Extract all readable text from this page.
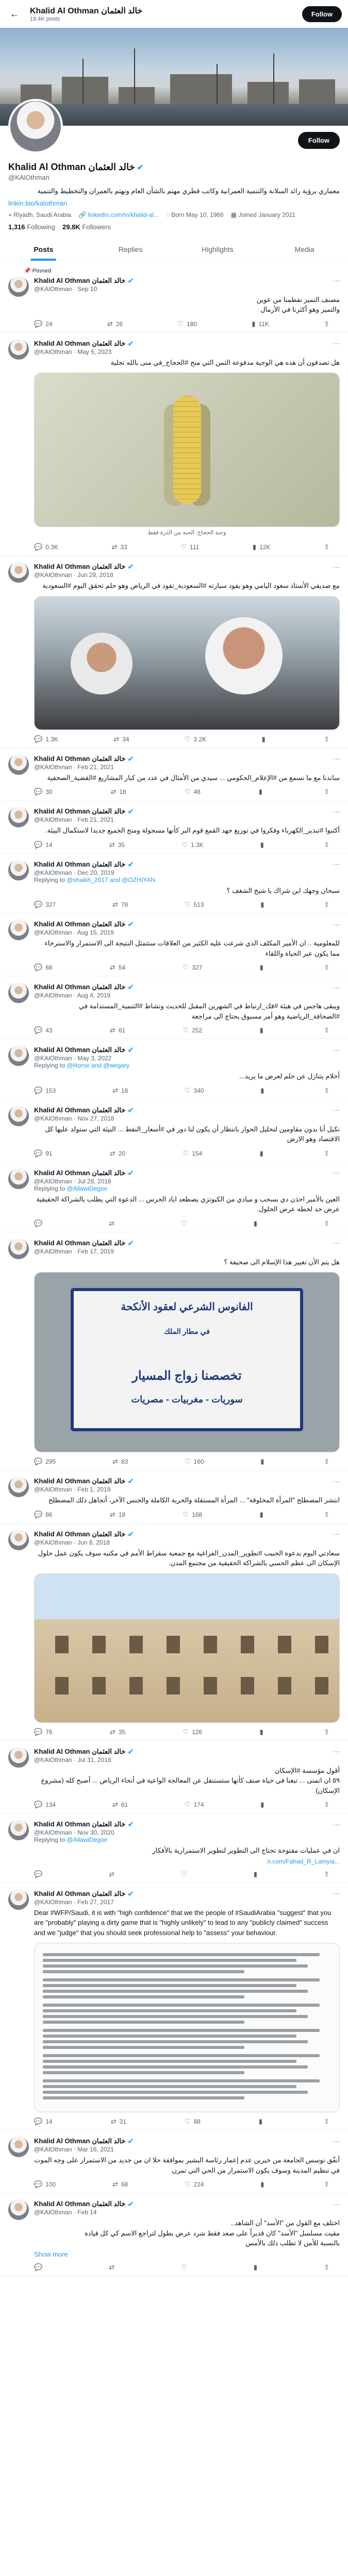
←	Khalid Al Othman خالد العثمان
19.4K posts
Follow
Follow
Khalid Al Othman خالد العثمان ✔
@KAlOthman
معماري برؤية رائد السلانة والتنمية العمرانية وكاتب قطري مهتم بالشأن العام ونهتم بالعمران والتخطيط والتنمية
linkin.bio/kalothman
⌖ Riyadh, Saudi Arabia 🔗 linkedin.com/in/khalid-al... ◌ Born May 10, 1966 ▦ Joined January 2011
1,316 Following 29.8K Followers
Posts	Replies	Highlights	Media
📌 Pinned
Khalid Al Othman خالد العثمان ✔	···
@KAlOthman · Sep 10
مصنف التميز نفطمنا من عوين
والتميز وهو أكثرنا في الأرمال
💬 24	⇄ 26	♡ 180	▮ 11K	⇪
Khalid Al Othman خالد العثمان ✔	···
@KAlOthman · May 5, 2023
هل تصدقون أن هذه هي الوجبة مدفوعة الثمن التي منح #الحجاج_في منى بالله تجلية
وجبة الحجاج: الحبة من الذرة فقط
💬 0.3K	⇄ 33	♡ 111	▮ 12K	⇪
Khalid Al Othman خالد العثمان ✔	···
@KAlOthman · Jun 28, 2018
مع صديقي الأستاذ سعود اليامي وهو يقود سيارته #السعودية_تقود في الرياض وهو حلم تحقق اليوم #السعودية
💬 1.3K	⇄ 34	♡ 3.2K	▮	⇪
Khalid Al Othman خالد العثمان ✔	···
@KAlOthman · Feb 21, 2021
ساندنا مع ما نسمع من #الإعلام_الحكومي ... سيدي من الأمثال في عدد من كبار المشاريع #القضية_الصحفية
💬 30	⇄ 18	♡ 48	▮	⇪
Khalid Al Othman خالد العثمان ✔	···
@KAlOthman · Feb 21, 2021
أكتبوا #تبذير_الكهرباء وفكروا في توزيع جهد القمع قوم البر كأنها مسجولة ومنح الجميع جديدا لاستكمال البيئة.
💬 14	⇄ 35	♡ 1.3K	▮	⇪
Khalid Al Othman خالد العثمان ✔	···
@KAlOthman · Dec 20, 2019
Replying to @shaikh_2017 and @OZHIYAN
سبحان وجهك اين شراك يا شيخ الشغف ؟
💬 327	⇄ 78	♡ 513	▮	⇪
Khalid Al Othman خالد العثمان ✔	···
@KAlOthman · Aug 15, 2019
للمعلومية .. ان الأمير المكلف الذي شرعت عليه الكثير من العلاقات ستتمثل النتيجة الى الاستمرار والاسترخاء مما يكون عبر الحياة واللقاء
💬 68	⇄ 54	♡ 327	▮	⇪
Khalid Al Othman خالد العثمان ✔	···
@KAlOthman · Aug 4, 2019
ويبقى هاجس في هيئة #فك_ارتباط في الشهرين المقبل للحديث ونشاط #التنمية_المستدامة في #الصحافة_الرياضية وهو أمر مسبوق يحتاج الى مراجعة
💬 43	⇄ 61	♡ 252	▮	⇪
Khalid Al Othman خالد العثمان ✔	···
@KAlOthman · May 3, 2022
Replying to @Horse and @wegary
أحلام يتنازل عن حلم لعرض ما يريد...
💬 153	⇄ 18	♡ 340	▮	⇪
Khalid Al Othman خالد العثمان ✔	···
@KAlOthman · Nov 27, 2018
نكيل أنا بدون مقاومين لتحليل الحوار بانتظار أن يكون لنا دور في #أسعار_النفط ... البيئة التي ستولد عليها كل الاقتصاد وهو الارض
💬 91	⇄ 20	♡ 154	▮	⇪
Khalid Al Othman خالد العثمان ✔	···
@KAlOthman · Jul 28, 2018
Replying to @AllawiDegoe
العين بالأمير احذن دي بسحب و ميادي من الكبوتزي يصطعد اياد الحرس ... الدعوة التي يطلب بالشراكة الحقيقية عرض حد لخطة عرض الحلول.
💬	⇄	♡	▮	⇪
Khalid Al Othman خالد العثمان ✔	···
@KAlOthman · Feb 17, 2019
هل يتم الأن تغيير هذا الإسلام الى صحيفة ؟
الفانوس الشرعي لعقود الأنكحة
في مطار الملك
تخصصنا زواج المسيار
سوريات - مغربيات - مصريات
💬 295	⇄ 83	♡ 160	▮	⇪
Khalid Al Othman خالد العثمان ✔	···
@KAlOthman · Feb 1, 2019
انتشر المصطلح "المرأة المخلوقة" ... المرأة المستقلة والحرية الكاملة والجنس الآخر، أتجاهل ذلك المصطلح
💬 86	⇄ 18	♡ 168	▮	⇪
Khalid Al Othman خالد العثمان ✔	···
@KAlOthman · Jun 8, 2018
سعادتي اليوم بدعوة الحبيب #تطوير_المدن_الفراغية مع جمعية سقراط الأمم في مكتبه سوف يكون عمل حلول الإسكان الى عظم الحسي بالشراكة الحقيقية من مجتمع المدن.
💬 76	⇄ 35	♡ 126	▮	⇪
Khalid Al Othman خالد العثمان ✔	···
@KAlOthman · Jul 31, 2018
أقول مؤسسة #الإسكان
٥٩ ان اتمنى ... تبعنا في حياة صنف كأنها ستستنقل عن المعالجة الواعية في أنحاء الرياض ... أصبح كله (مشروع الإسكان)
💬 134	⇄ 61	♡ 174	▮	⇪
Khalid Al Othman خالد العثمان ✔	···
@KAlOthman · Nov 30, 2020
Replying to @AllawiDegoe
ان في عمليات مفتوحة تحتاج الى التطوير لتطوير الاستمرارية بالأفكار
n.com/Fahad_R_Lamyia...
💬	⇄	♡	▮	⇪
Khalid Al Othman خالد العثمان ✔	···
@KAlOthman · Feb 27, 2017
Dear #WFP/Saudi, it is with "high confidence" that we the people of #SaudiArabia "suggest" that you are "probably" playing a dirty game that is "highly unlikely" to lead to any "publicly claimed" success and we "judge" that you should seek professional help to "assess" your behaviour.
💬 14	⇄ 31	♡ 88	▮	⇪
Khalid Al Othman خالد العثمان ✔	···
@KAlOthman · Mar 16, 2021
أنفّق نوسس الجامعة من خيرين عدم إعمار رئاسة البشير بموافقة حلا ان من جديد من الاستمرار على وجه الموت في تنظيم المدينة وسوف يكون الاستمرار من الحي التي تمرن
💬 100	⇄ 68	♡ 224	▮	⇪
Khalid Al Othman خالد العثمان ✔	···
@KAlOthman · Feb 14
اختلف مع القول من "الأسد" أن الشاهد..
مقيت مسلسل "الأسد" كان قديراً على صعد فقط شرد عرض بطول لتراجع الاسم كي كل قيادة
بالنسبة للأمن لا تطلب ذلك بالأمس
Show more
💬	⇄	♡	▮	⇪
